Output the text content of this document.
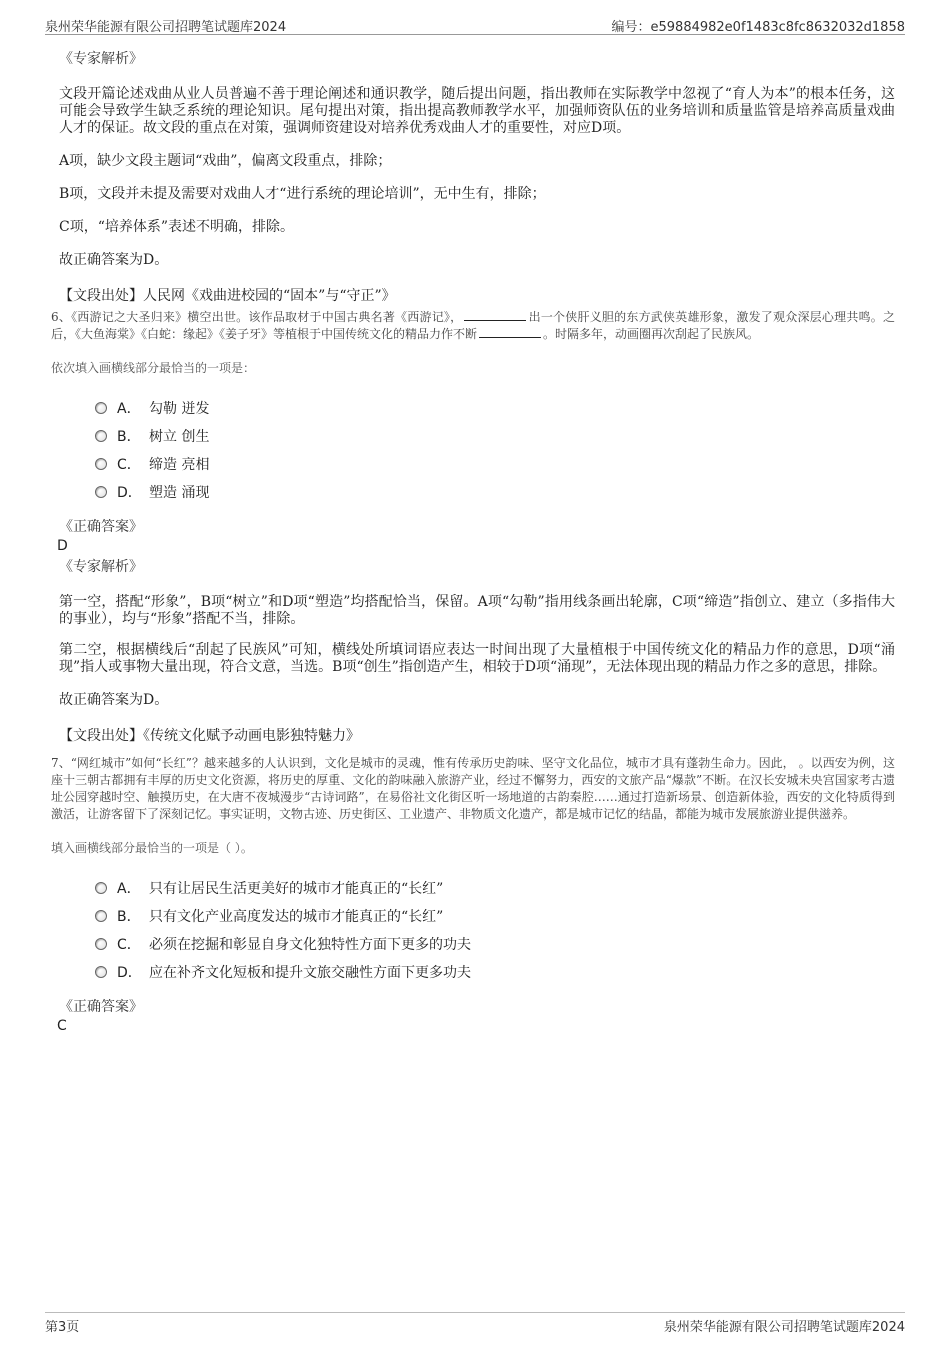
泉州荣华能源有限公司招聘笔试题库2024	编号：e59884982e0f1483c8fc8632032d1858
《专家解析》
文段开篇论述戏曲从业人员普遍不善于理论阐述和通识教学，随后提出问题，指出教师在实际教学中忽视了“育人为本”的根本任务，这可能会导致学生缺乏系统的理论知识。尾句提出对策，指出提高教师教学水平，加强师资队伍的业务培训和质量监管是培养高质量戏曲人才的保证。故文段的重点在对策，强调师资建设对培养优秀戏曲人才的重要性，对应D项。
A项，缺少文段主题词“戏曲”，偏离文段重点，排除；
B项，文段并未提及需要对戏曲人才“进行系统的理论培训”，无中生有，排除；
C项，“培养体系”表述不明确，排除。
故正确答案为D。
【文段出处】人民网《戏曲进校园的“固本”与“守正”》
6、《西游记之大圣归来》横空出世。该作品取材于中国古典名著《西游记》，	出一个侠肝义胆的东方武侠英雄形象，激发了观众深层心理共鸣。之后，《大鱼海棠》《白蛇：缘起》《姜子牙》等植根于中国传统文化的精品力作不断	。时隔多年，动画圈再次刮起了民族风。
依次填入画横线部分最恰当的一项是：
A． 勾勒 迸发
B． 树立 创生
C． 缔造 亮相
D． 塑造 涌现
《正确答案》
D
《专家解析》
第一空，搭配“形象”，B项“树立”和D项“塑造”均搭配恰当，保留。A项“勾勒”指用线条画出轮廓，C项“缔造”指创立、建立（多指伟大的事业），均与“形象”搭配不当，排除。
第二空，根据横线后“刮起了民族风”可知，横线处所填词语应表达一时间出现了大量植根于中国传统文化的精品力作的意思，D项“涌现”指人或事物大量出现，符合文意，当选。B项“创生”指创造产生，相较于D项“涌现”，无法体现出现的精品力作之多的意思，排除。
故正确答案为D。
【文段出处】《传统文化赋予动画电影独特魅力》
7、“网红城市”如何“长红”？越来越多的人认识到，文化是城市的灵魂，惟有传承历史韵味、坚守文化品位，城市才具有蓬勃生命力。因此， 。以西安为例，这座十三朝古都拥有丰厚的历史文化资源，将历史的厚重、文化的韵味融入旅游产业，经过不懈努力，西安的文旅产品“爆款”不断。在汉长安城未央宫国家考古遗址公园穿越时空、触摸历史，在大唐不夜城漫步“古诗词路”，在易俗社文化街区听一场地道的古韵秦腔……通过打造新场景、创造新体验，西安的文化特质得到激活，让游客留下了深刻记忆。事实证明，文物古迹、历史街区、工业遗产、非物质文化遗产，都是城市记忆的结晶，都能为城市发展旅游业提供滋养。
填入画横线部分最恰当的一项是（ ）。
A． 只有让居民生活更美好的城市才能真正的“长红”
B． 只有文化产业高度发达的城市才能真正的“长红”
C． 必须在挖掘和彰显自身文化独特性方面下更多的功夫
D． 应在补齐文化短板和提升文旅交融性方面下更多功夫
《正确答案》
C
第3页	泉州荣华能源有限公司招聘笔试题库2024
